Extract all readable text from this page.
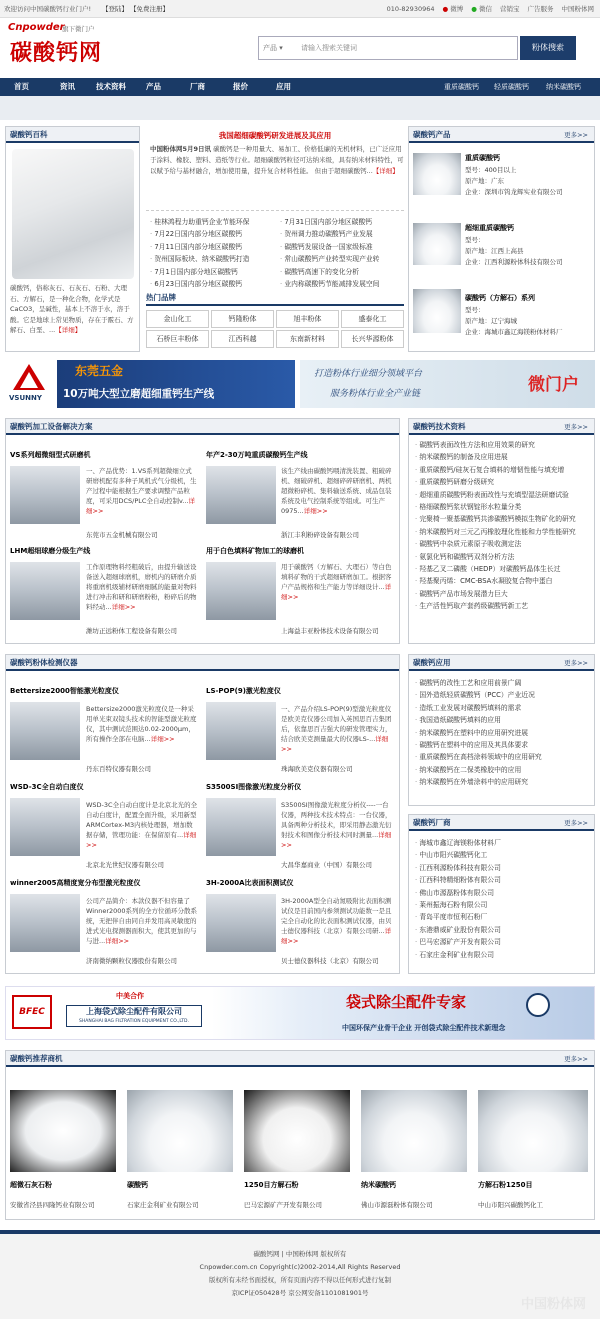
欢迎访问中国碳酸钙行业门户! 【登陆】 【免费注册】	010-82930964 ● 微博 ● 微信 营销宝 广告服务 中国粉体网
Cnpowder
旗下微门户
碳酸钙网	产品 ▾	请输入搜索关键词	粉体搜索
首页	资讯	技术资料	产品	厂商	报价	应用	重质碳酸钙 轻质碳酸钙 纳米碳酸钙
碳酸钙百科
碳酸钙，俗称灰石、石灰石、石粉、大理石、方解石，是一种化合物，化学式是CaCO3，呈碱性，基本上不溶于水，溶于酸。它是地球上常见物质，存在于霰石、方解石、白垩、...【详细】
我国超细碳酸钙研发进展及其应用
中国粉体网5月9日讯 碳酸钙是一种用量大、易加工、价格低廉的无机材料，已广泛应用于涂料、橡胶、塑料、造纸等行业。超细碳酸钙粒径可达纳米级，具有纳米材料特性，可以赋予给与基材融合，增加使用量，提升复合材料性能。 但由于超细碳酸钙...【详细】
· 桂林鸿程力助重钙企业节能环保
· 7月22日国内部分地区碳酸钙
· 7月11日国内部分地区碳酸钙
· 贺州国际板块、纳米碳酸钙打造
· 7月1日国内部分地区碳酸钙
· 6月23日国内部分地区碳酸钙
· 7月31日国内部分地区碳酸钙
· 贺州调力推动碳酸钙产业发展
· 碳酸钙发展设备一国家级标准
· 常山碳酸钙产业转型实现产业转
· 碳酸钙高速下的变化分析
· 业内称碳酸钙节能减排发展空间
热门品牌
金山化工	钙隆粉体	旭丰粉体	盛泰化工
石桥巨丰粉体	江西科越	东南新材料	长兴华源粉体
碳酸钙产品	更多>>
重质碳酸钙
型号：400目以上
原产地：广东
企业：深圳市钨龙辉实业有限公司
超细重质碳酸钙
型号：
原产地：江西上高县
企业：江西利源粉体科技有限公司
碳酸钙（方解石）系列
型号：
原产地：辽宁海城
企业：海城市鑫辽海镁粉体材料厂
VSUNNY
东莞五金
10万吨大型立磨超细重钙生产线
打造粉体行业细分领域平台
服务粉体行业全产业链	微门户
碳酸钙加工设备解决方案
VS系列超微细型式研磨机
一、产品优势：1.VS系列超微细立式研磨机配有多种子风机式气分级机，生产过程中能根据生产要求调整产品粒度，可采用DCS/PLC全自动控制v...详细>>
东莞市五金机械有限公司
年产2-30万吨重质碳酸钙生产线
该生产线由碳酸钙喂清洗装置、粗破碎机、细破碎机、超细碎碎研磨机、两机超微粉碎机、集料输送系统、成品包装系统及电气控制系统等组成。可生产0975...详细>>
浙江丰利粉碎设备有限公司
LHM超细球磨分级生产线
工作原理物料经粗破后，由提升输送设备送入超细球磨机，磨机内的研磨介质将重磨机级辅材研磨细腻的能量对物料进行冲击和研和研磨粉粉，粉碎后的物料经动...详细>>
潍坊正远粉体工程设备有限公司
用于白色填料矿物加工的球磨机
用于碳酸钙（方解石、大理石）等白色填料矿物的干式超细研磨加工。根据客户产品规格和生产能力等详细设计...详细>>
上海益丰亚粉体技术设备有限公司
碳酸钙技术资料	更多>>
· 碳酸钙表面改性方法和应用效果的研究
· 纳米碳酸钙的制备及应用进展
· 重质碳酸钙/硅灰石复合填料的增韧性能与填充增
· 重质碳酸钙研磨分级研究
· 超细重质碳酸钙粉表面改性与充填型湿法研磨试验
· 格细碳酸钙浆状钢锭形水粒量分类
· 完聚椅一聚基碳酸钙共渗碳酸钙模拟生物矿化的研究
· 纳米碳酸钙对三元乙丙橡胶理化性能和力学性能研究
· 碳酸钙中杂质元素原子吸收测定法
· 氨氯化钙和碳酸钙双剂分析方法
· 羟基乙叉二磷酸（HEDP）对碳酸钙晶体生长过
· 羟基聚丙烯：CMC-BSA水凝胶复合物中蛋白
· 碳酸钙产品市场发展潜力巨大
· 生产活性钙取产套药级碳酸钙新工艺
碳酸钙粉体检测仪器
Bettersize2000智能激光粒度仪
Bettersize2000激光粒度仪是一种采用单光束双镜头技术的智能型激光粒度仪，其中测试范围达0.02-2000μm，所有操作全部在电脑...详细>>
丹东百特仪器有限公司
LS-POP(9)激光粒度仪
一、产品介绍LS-POP(9)型激光粒度仪是欧美克仪器公司加入英国思百吉集团后，依靠思百吉强大的研发管理实力，结合欧美克测量最大的仪器LS-...详细>>
珠海欧美克仪器有限公司
WSD-3C全自动白度仪
WSD-3C全自动白度计是北京北光的全自动白度计，配置全面升级，采用新型ARMCortex-M3内核处理器，增加数据存储，管理功能：在保留原有...详细>>
北京北光世纪仪器有限公司
S3500SI图像激光粒度分析仪
S3500SI图像激光粒度分析仪----一台仪器，两种技术技术特点：一台仪器，具备两种分析技术，即采用静态激光衍射技术和图像分析技术同时测量...详细>>
大昌华嘉商业（中国）有限公司
winner2005高精度宽分布型激光粒度仪
公司产品简介：本款仪器不但容量了Winner2000系列的全方位循环分散系统，无把伴自由同自并发用高灵敏度的进式光电探测器面积大，使其更加的与与进...详细>>
济南微纳颗粒仪器股份有限公司
3H-2000A比表面积测试仪
3H-2000A型全自动氮吸附比表面积测试仪是目前国内参须测试功能数一是且完全自动化的比表面积测试仪器，由贝士德仪器科技（北京）有限公司研...详细>>
贝士德仪器科技（北京）有限公司
碳酸钙应用	更多>>
· 碳酸钙的改性工艺和应用前景广阔
· 国外造纸轻质碳酸钙（PCC）产业近况
· 造纸工业发展对碳酸钙填料的需求
· 我国造纸碳酸钙填料的应用
· 纳米碳酸钙在塑料中的应用研究进展
· 碳酸钙在塑料中的应用及其具体要求
· 重质碳酸钙在高档涂料领域中的应用研究
· 纳米碳酸钙在二保类橡胶中的应用
· 纳米碳酸钙在外墙涂料中的应用研究
碳酸钙厂商	更多>>
· 海城市鑫辽海镁粉体材料厂
· 中山市阳兴碳酸钙化工
· 江西利源粉体科技有限公司
· 江西科特精细粉体有限公司
· 佛山市源磊粉体有限公司
· 莱州振海石粉有限公司
· 青岛平度市恒利石粉厂
· 东港鼎威矿业股份有限公司
· 巴马宏源矿产开发有限公司
· 石家庄金利矿业有限公司
BFEC
中美合作
上海袋式除尘配件有限公司
SHANGHAI BAG FILTRATION EQUIPMENT CO.,LTD.
袋式除尘配件专家
中国环保产业骨干企业 开创袋式除尘配件技术新理念
碳酸钙推荐商机	更多>>
超微石灰石粉
安徽省泾县四隆钙业有限公司
碳酸钙
石家庄金利矿业有限公司
1250目方解石粉
巴马宏源矿产开发有限公司
纳米碳酸钙
佛山市源磊粉体有限公司
方解石粉1250目
中山市阳兴碳酸钙化工
碳酸钙网 | 中国粉体网 版权所有
Cnpowder.com.cn Copyright(c)2002-2014,All Rights Reserved
版权所有未经书面授权，所有页面内容不得以任何形式进行复制
京ICP证050428号 京公网安备1101081901号
中国粉体网
